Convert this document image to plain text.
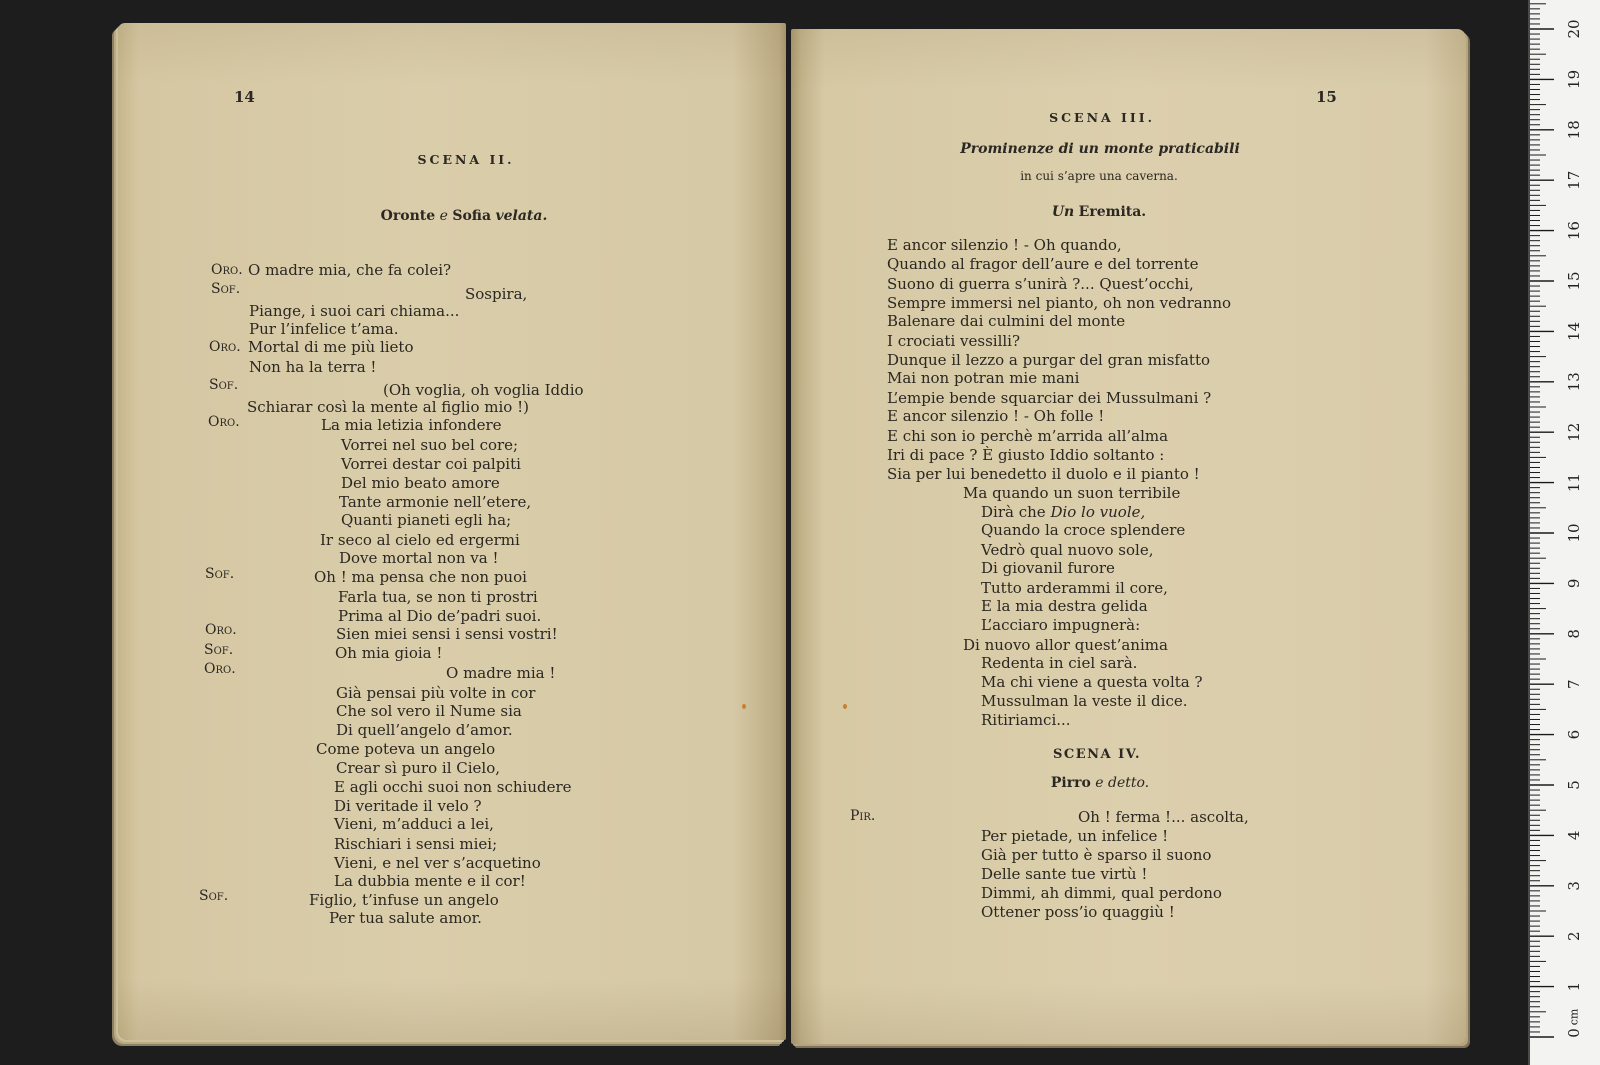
14
SCENA II.
Oronte e Sofia velata.
Oro. O madre mia, che fa colei?
Sof.	Sospira,
Piange, i suoi cari chiama...
Pur l’infelice t’ama.
Oro. Mortal di me più lieto
Non ha la terra !
Sof.	(Oh voglia, oh voglia Iddio
Schiarar così la mente al figlio mio !)
Oro.	La mia letizia infondere
Vorrei nel suo bel core;
Vorrei destar coi palpiti
Del mio beato amore
Tante armonie nell’etere,
Quanti pianeti egli ha;
Ir seco al cielo ed ergermi
Dove mortal non va !
Sof.	Oh ! ma pensa che non puoi
Farla tua, se non ti prostri
Prima al Dio de’padri suoi.
Oro.	Sien miei sensi i sensi vostri!
Sof.	Oh mia gioia !
Oro.	O madre mia !
Già pensai più volte in cor
Che sol vero il Nume sia
Di quell’angelo d’amor.
Come poteva un angelo
Crear sì puro il Cielo,
E agli occhi suoi non schiudere
Di veritade il velo ?
Vieni, m’adduci a lei,
Rischiari i sensi miei;
Vieni, e nel ver s’acquetino
La dubbia mente e il cor!
Sof.	Figlio, t’infuse un angelo
Per tua salute amor.
15
SCENA III.
Prominenze di un monte praticabili
in cui s’apre una caverna.
Un Eremita.
E ancor silenzio ! - Oh quando,
Quando al fragor dell’aure e del torrente
Suono di guerra s’unirà ?... Quest’occhi,
Sempre immersi nel pianto, oh non vedranno
Balenare dai culmini del monte
I crociati vessilli?
Dunque il lezzo a purgar del gran misfatto
Mai non potran mie mani
L’empie bende squarciar dei Mussulmani ?
E ancor silenzio ! - Oh folle !
E chi son io perchè m’arrida all’alma
Iri di pace ? È giusto Iddio soltanto :
Sia per lui benedetto il duolo e il pianto !
Ma quando un suon terribile
Dirà che Dio lo vuole,
Quando la croce splendere
Vedrò qual nuovo sole,
Di giovanil furore
Tutto arderammi il core,
E la mia destra gelida
L’acciaro impugnerà:
Di nuovo allor quest’anima
Redenta in ciel sarà.
Ma chi viene a questa volta ?
Mussulman la veste il dice.
Ritiriamci...
SCENA IV.
Pirro e detto.
Pir.	Oh ! ferma !... ascolta,
Per pietade, un infelice !
Già per tutto è sparso il suono
Delle sante tue virtù !
Dimmi, ah dimmi, qual perdono
Ottener poss’io quaggiù !
0
1
2
3
4
5
6
7
8
9
10
11
12
13
14
15
16
17
18
19
20
cm
